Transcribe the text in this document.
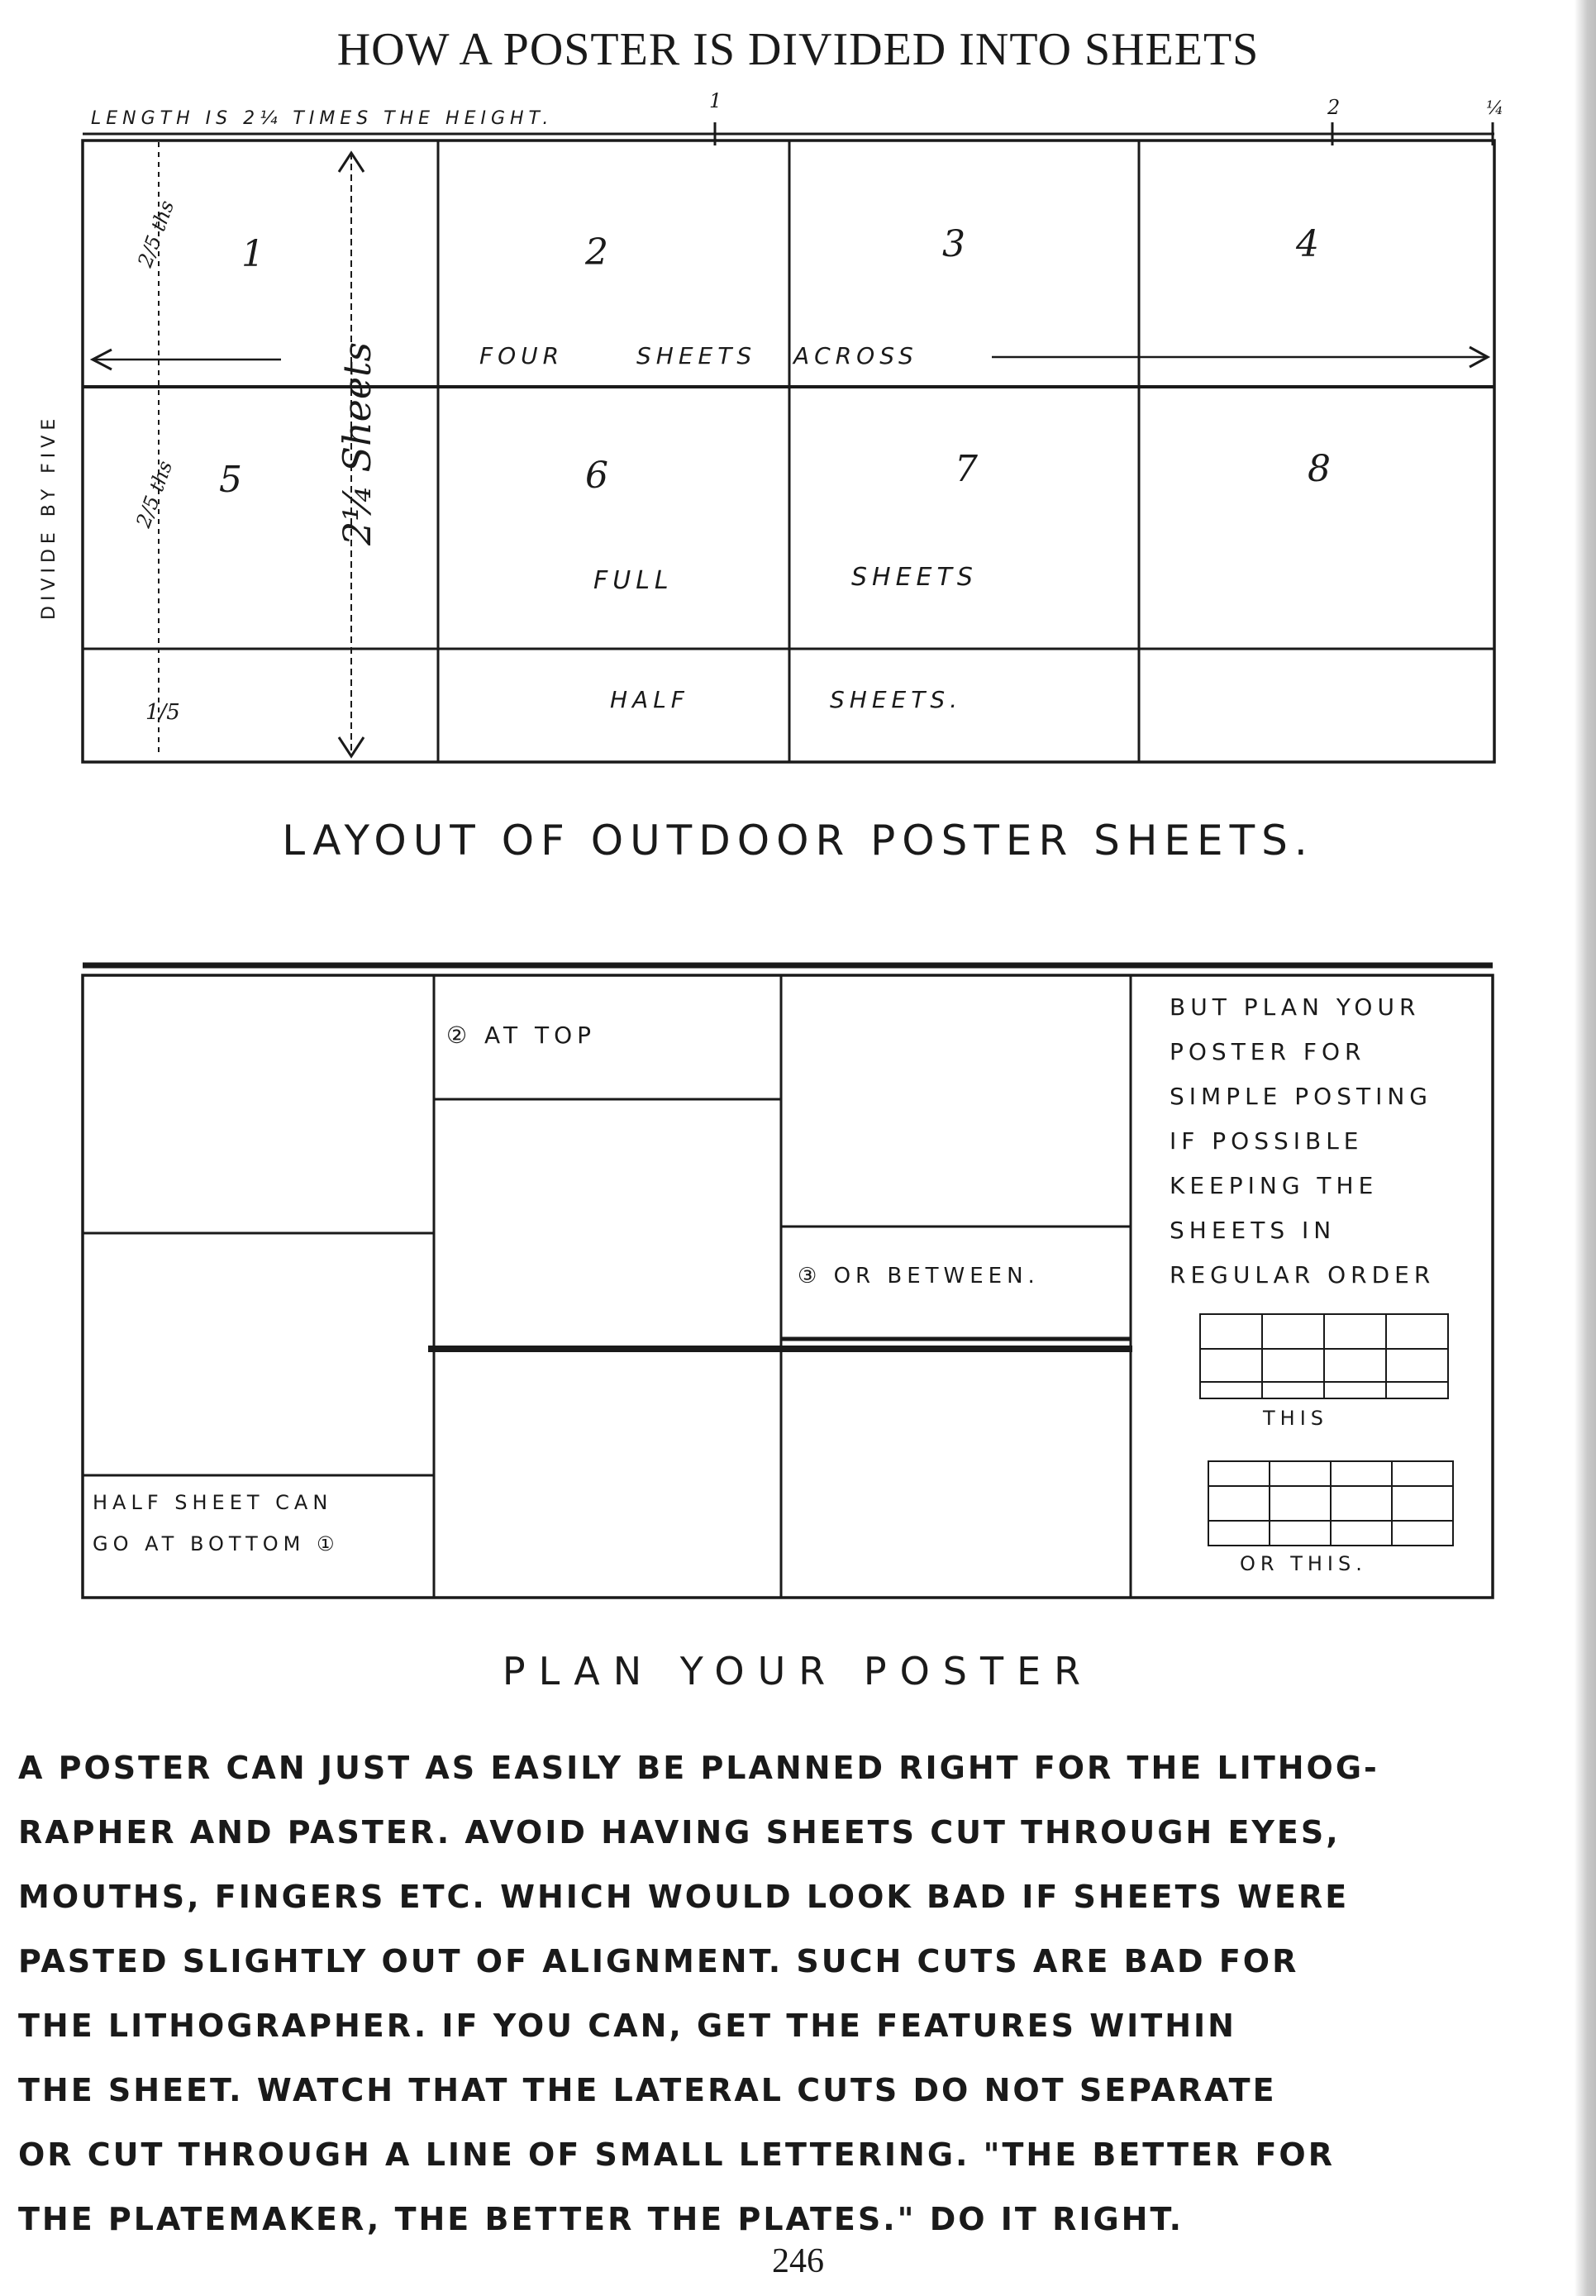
HOW A POSTER IS DIVIDED INTO SHEETS
LENGTH IS 2¼ TIMES THE HEIGHT.
1	2	¼
DIVIDE BY FIVE	2¼ Sheets
2/5 ths
2/5 ths
1/5
1	2	3	4
5	6	7	8
FOUR	SHEETS ACROSS
FULL	SHEETS
HALF	SHEETS.
② AT TOP
③ OR BETWEEN.
HALF SHEET CAN
GO AT BOTTOM ①
BUT PLAN YOUR
POSTER FOR
SIMPLE POSTING
IF POSSIBLE
KEEPING THE
SHEETS IN
REGULAR ORDER
THIS
OR THIS.
LAYOUT OF OUTDOOR POSTER SHEETS.
PLAN YOUR POSTER
A POSTER CAN JUST AS EASILY BE PLANNED RIGHT FOR THE LITHOG-
RAPHER AND PASTER. AVOID HAVING SHEETS CUT THROUGH EYES,
MOUTHS, FINGERS ETC. WHICH WOULD LOOK BAD IF SHEETS WERE
PASTED SLIGHTLY OUT OF ALIGNMENT. SUCH CUTS ARE BAD FOR
THE LITHOGRAPHER. IF YOU CAN, GET THE FEATURES WITHIN
THE SHEET. WATCH THAT THE LATERAL CUTS DO NOT SEPARATE
OR CUT THROUGH A LINE OF SMALL LETTERING. "THE BETTER FOR
THE PLATEMAKER, THE BETTER THE PLATES." DO IT RIGHT.
246
